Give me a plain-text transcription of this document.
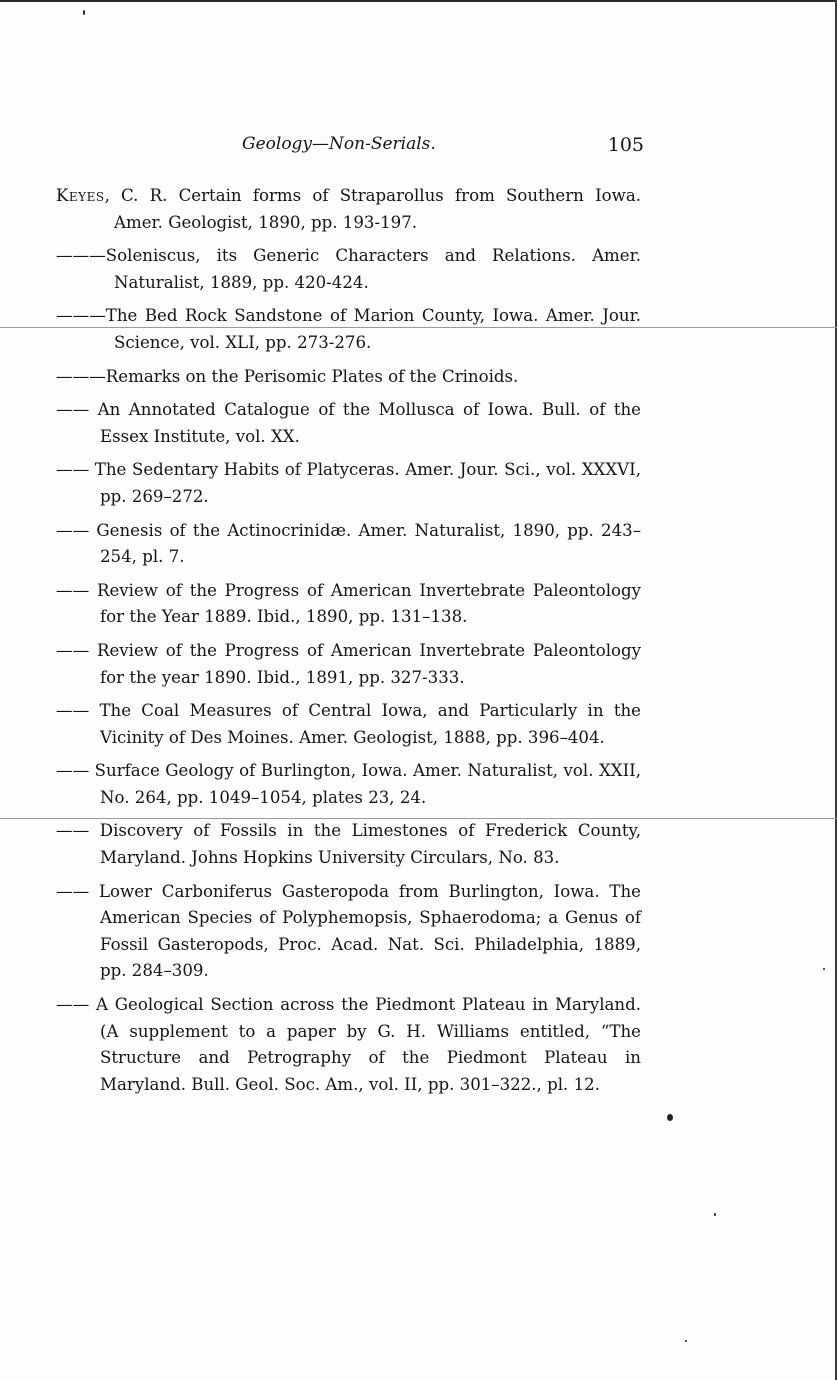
Geology—Non-Serials.	105

Keyes, C. R. Certain forms of Straparollus from Southern Iowa. Amer. Geologist, 1890, pp. 193-197.

———Soleniscus, its Generic Characters and Relations. Amer. Naturalist, 1889, pp. 420-424.

———The Bed Rock Sandstone of Marion County, Iowa. Amer. Jour. Science, vol. XLI, pp. 273-276.

———Remarks on the Perisomic Plates of the Crinoids.

—— An Annotated Catalogue of the Mollusca of Iowa. Bull. of the Essex Institute, vol. XX.

—— The Sedentary Habits of Platyceras. Amer. Jour. Sci., vol. XXXVI, pp. 269–272.

—— Genesis of the Actinocrinidæ. Amer. Naturalist, 1890, pp. 243–254, pl. 7.

—— Review of the Progress of American Invertebrate Paleontology for the Year 1889. Ibid., 1890, pp. 131–138.

—— Review of the Progress of American Invertebrate Paleontology for the year 1890. Ibid., 1891, pp. 327-333.

—— The Coal Measures of Central Iowa, and Particularly in the Vicinity of Des Moines. Amer. Geologist, 1888, pp. 396–404.

—— Surface Geology of Burlington, Iowa. Amer. Naturalist, vol. XXII, No. 264, pp. 1049–1054, plates 23, 24.

—— Discovery of Fossils in the Limestones of Frederick County, Maryland. Johns Hopkins University Circulars, No. 83.

—— Lower Carboniferus Gasteropoda from Burlington, Iowa. The American Species of Polyphemopsis, Sphaerodoma; a Genus of Fossil Gasteropods, Proc. Acad. Nat. Sci. Philadelphia, 1889, pp. 284–309.

—— A Geological Section across the Piedmont Plateau in Maryland. (A supplement to a paper by G. H. Williams entitled, “The Structure and Petrography of the Piedmont Plateau in Maryland. Bull. Geol. Soc. Am., vol. II, pp. 301–322., pl. 12.
